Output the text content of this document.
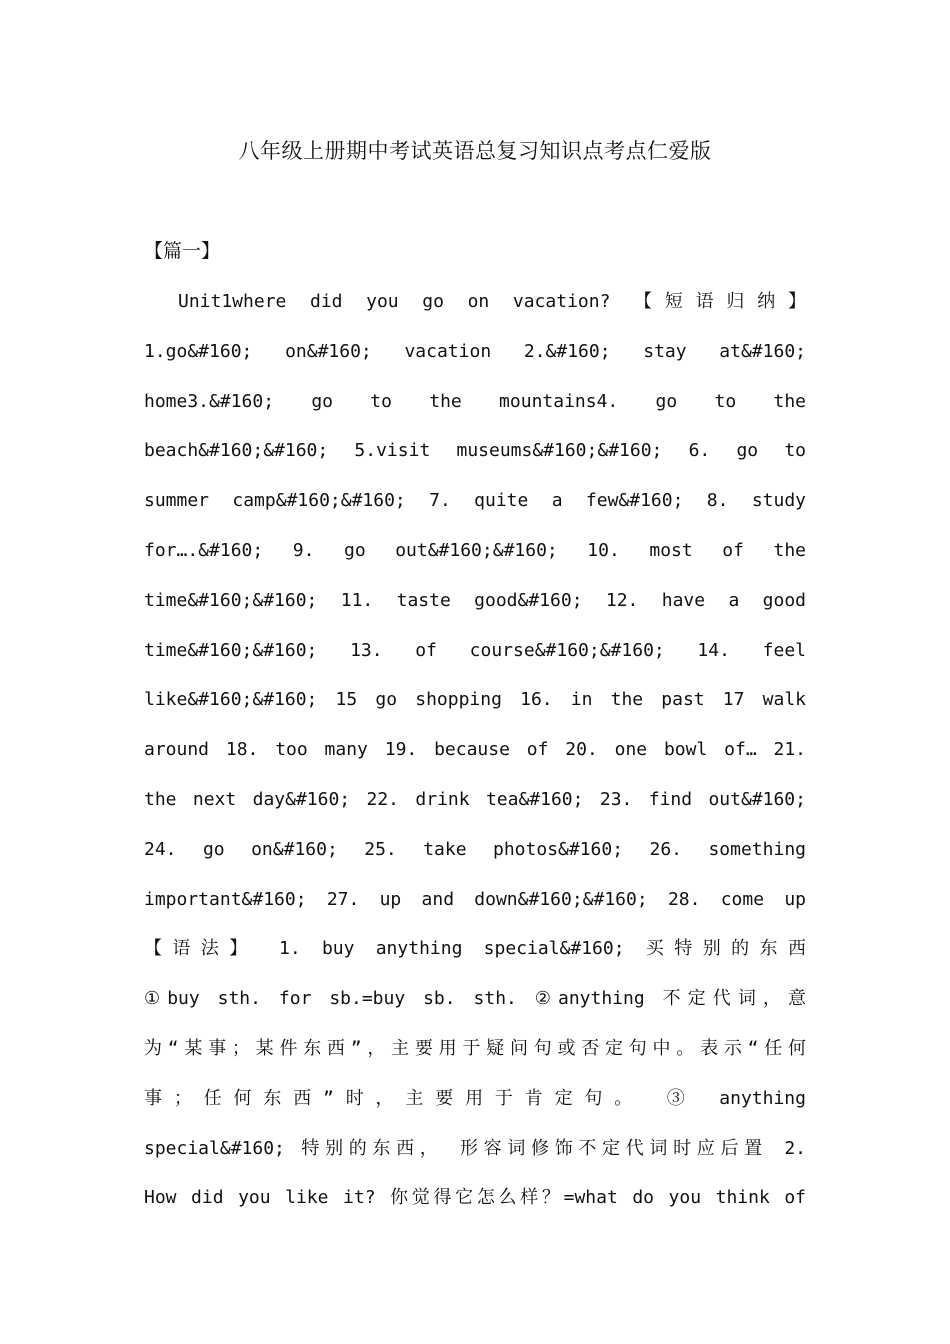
八年级上册期中考试英语总复习知识点考点仁爱版
【篇一】
Unit1where did you go on vacation? 【短语归纳】
1.go&#160; on&#160; vacation 2.&#160; stay at&#160;
home3.&#160; go to the mountains4. go to the
beach&#160;&#160; 5.visit museums&#160;&#160; 6. go to
summer camp&#160;&#160; 7. quite a few&#160; 8. study
for….&#160; 9. go out&#160;&#160; 10. most of the
time&#160;&#160; 11. taste good&#160; 12. have a good
time&#160;&#160; 13. of course&#160;&#160; 14. feel
like&#160;&#160; 15 go shopping 16. in the past 17 walk
around 18. too many 19. because of 20. one bowl of… 21.
the next day&#160; 22. drink tea&#160; 23. find out&#160;
24. go on&#160; 25. take photos&#160; 26. something
important&#160; 27. up and down&#160;&#160; 28. come up
【语法】 1. buy anything special&#160; 买特别的东西
①buy sth. for sb.=buy sb. sth. ②anything 不定代词，意
为“某事；某件东西”，主要用于疑问句或否定句中。表示“任何
事；任何东西”时，主要用于肯定句。 ③ anything
special&#160; 特别的东西， 形容词修饰不定代词时应后置 2.
How did you like it? 你觉得它怎么样？=what do you think of
